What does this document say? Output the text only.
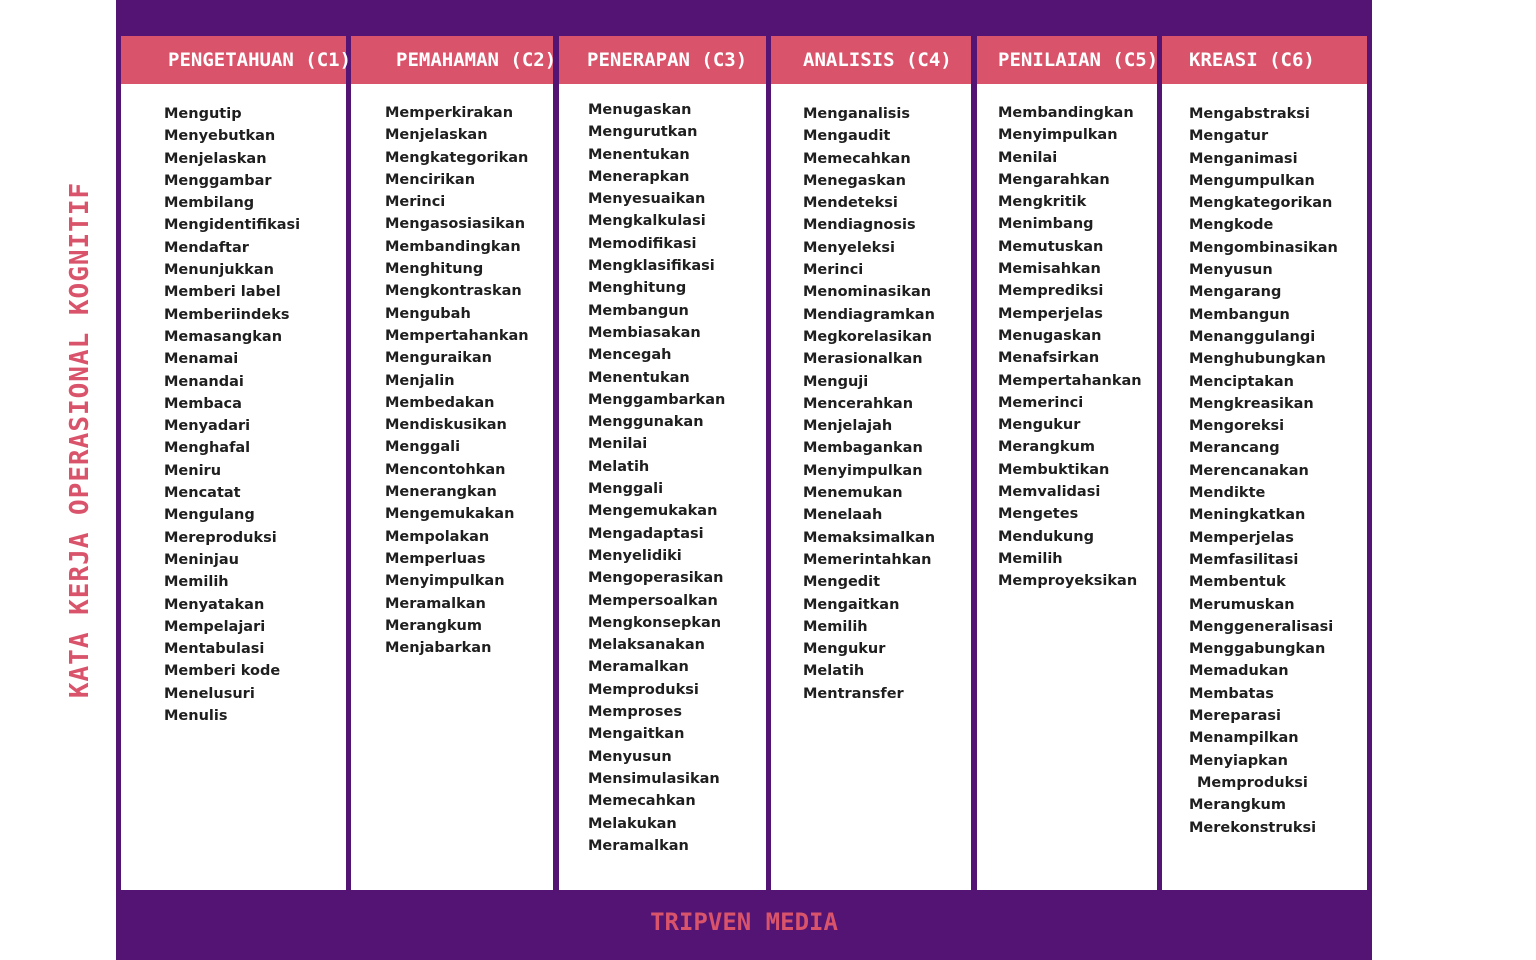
KATA KERJA OPERASIONAL KOGNITIF
PENGETAHUAN (C1)
Mengutip
Menyebutkan
Menjelaskan
Menggambar
Membilang
Mengidentifikasi
Mendaftar
Menunjukkan
Memberi label
Memberiindeks
Memasangkan
Menamai
Menandai
Membaca
Menyadari
Menghafal
Meniru
Mencatat
Mengulang
Mereproduksi
Meninjau
Memilih
Menyatakan
Mempelajari
Mentabulasi
Memberi kode
Menelusuri
Menulis
PEMAHAMAN (C2)
Memperkirakan
Menjelaskan
Mengkategorikan
Mencirikan
Merinci
Mengasosiasikan
Membandingkan
Menghitung
Mengkontraskan
Mengubah
Mempertahankan
Menguraikan
Menjalin
Membedakan
Mendiskusikan
Menggali
Mencontohkan
Menerangkan
Mengemukakan
Mempolakan
Memperluas
Menyimpulkan
Meramalkan
Merangkum
Menjabarkan
PENERAPAN (C3)
Menugaskan
Mengurutkan
Menentukan
Menerapkan
Menyesuaikan
Mengkalkulasi
Memodifikasi
Mengklasifikasi
Menghitung
Membangun
Membiasakan
Mencegah
Menentukan
Menggambarkan
Menggunakan
Menilai
Melatih
Menggali
Mengemukakan
Mengadaptasi
Menyelidiki
Mengoperasikan
Mempersoalkan
Mengkonsepkan
Melaksanakan
Meramalkan
Memproduksi
Memproses
Mengaitkan
Menyusun
Mensimulasikan
Memecahkan
Melakukan
Meramalkan
ANALISIS (C4)
Menganalisis
Mengaudit
Memecahkan
Menegaskan
Mendeteksi
Mendiagnosis
Menyeleksi
Merinci
Menominasikan
Mendiagramkan
Megkorelasikan
Merasionalkan
Menguji
Mencerahkan
Menjelajah
Membagankan
Menyimpulkan
Menemukan
Menelaah
Memaksimalkan
Memerintahkan
Mengedit
Mengaitkan
Memilih
Mengukur
Melatih
Mentransfer
PENILAIAN (C5)
Membandingkan
Menyimpulkan
Menilai
Mengarahkan
Mengkritik
Menimbang
Memutuskan
Memisahkan
Memprediksi
Memperjelas
Menugaskan
Menafsirkan
Mempertahankan
Memerinci
Mengukur
Merangkum
Membuktikan
Memvalidasi
Mengetes
Mendukung
Memilih
Memproyeksikan
KREASI (C6)
Mengabstraksi
Mengatur
Menganimasi
Mengumpulkan
Mengkategorikan
Mengkode
Mengombinasikan
Menyusun
Mengarang
Membangun
Menanggulangi
Menghubungkan
Menciptakan
Mengkreasikan
Mengoreksi
Merancang
Merencanakan
Mendikte
Meningkatkan
Memperjelas
Memfasilitasi
Membentuk
Merumuskan
Menggeneralisasi
Menggabungkan
Memadukan
Membatas
Mereparasi
Menampilkan
Menyiapkan
Memproduksi
Merangkum
Merekonstruksi
TRIPVEN MEDIA
